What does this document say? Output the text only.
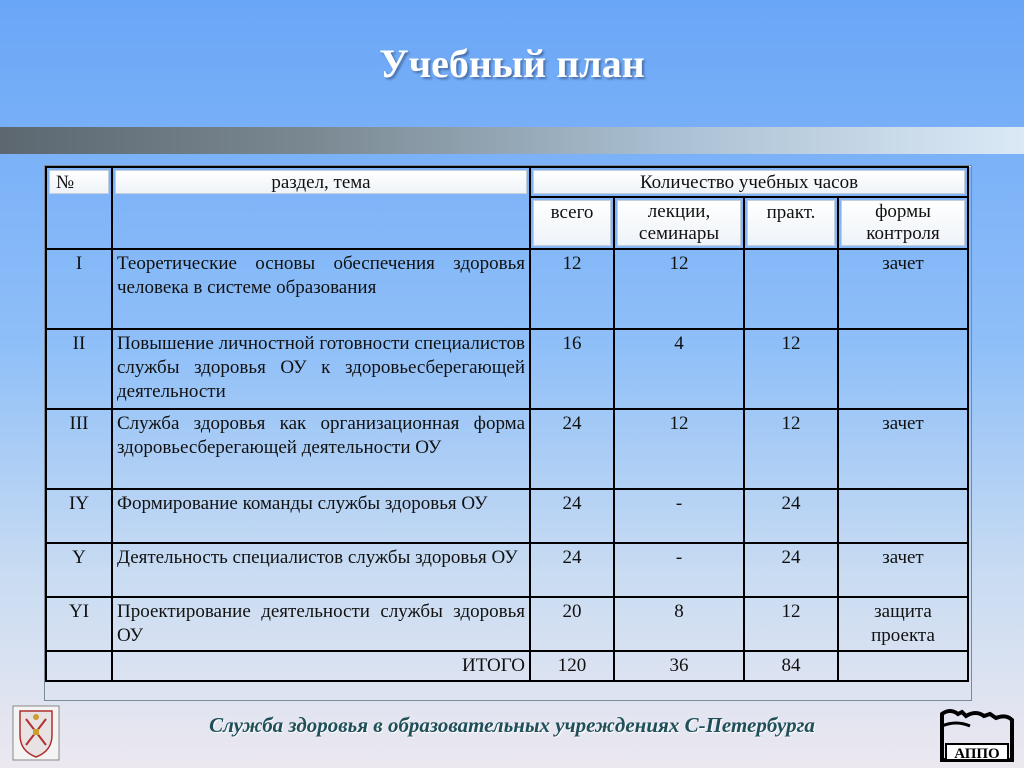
Учебный план
№	раздел, тема	Количество учебных часов			

		всего	лекции, семинары	практ.	формы контроля

I	Теоретические основы обеспечения здоровья человека в системе образования	12	12		зачет
II	Повышение личностной готовности специалистов службы здоровья ОУ к здоровьесберегающей деятельности	16	4	12	
III	Служба здоровья как организационная форма здоровьесберегающей деятельности ОУ	24	12	12	зачет
IY	Формирование команды службы здоровья ОУ	24	-	24	
Y	Деятельность специалистов службы здоровья ОУ	24	-	24	зачет
YI	Проектирование деятельности службы здоровья ОУ	20	8	12	защита проекта
	ИТОГО	120	36	84	
Служба здоровья в образовательных учреждениях С-Петербурга
АППО
